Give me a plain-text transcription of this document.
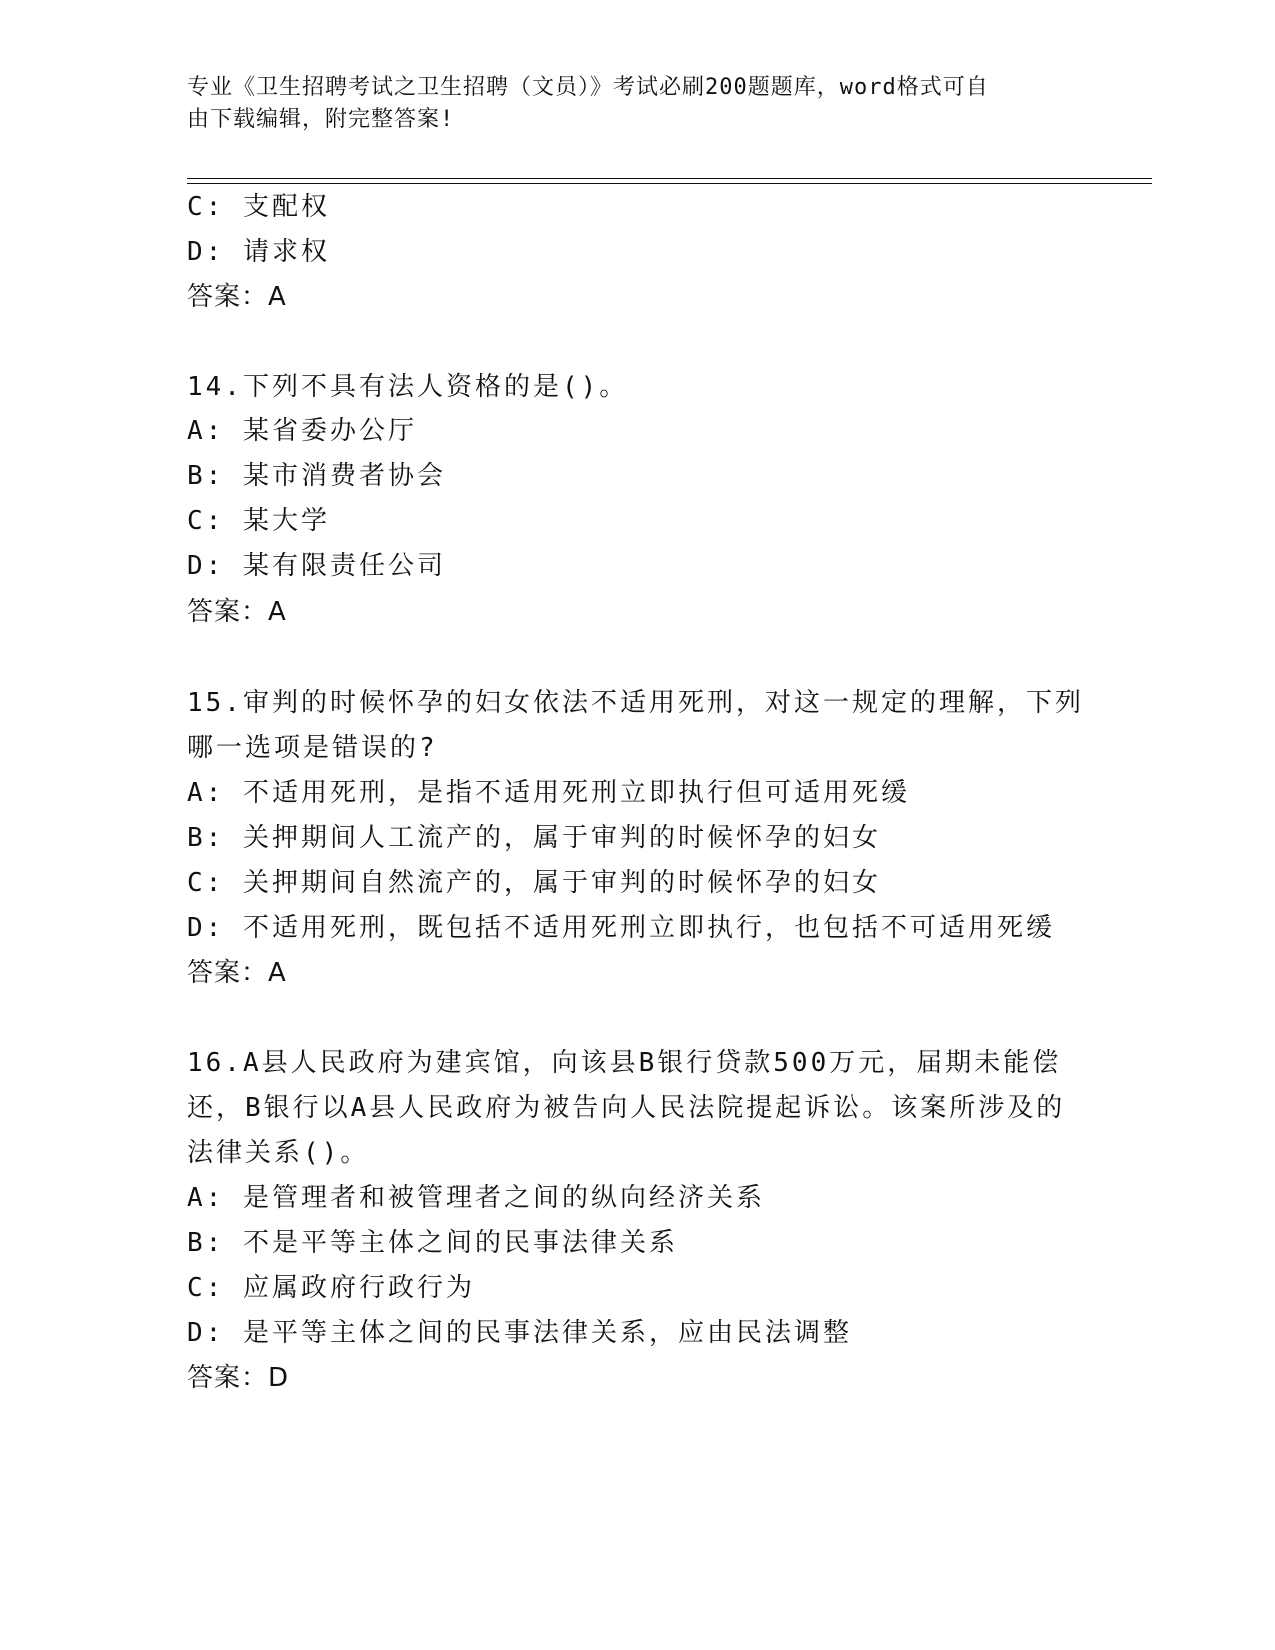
专业《卫生招聘考试之卫生招聘（文员）》考试必刷200题题库，word格式可自
由下载编辑，附完整答案!
C: 支配权
D: 请求权
答案：A
14.下列不具有法人资格的是()。
A: 某省委办公厅
B: 某市消费者协会
C: 某大学
D: 某有限责任公司
答案：A
15.审判的时候怀孕的妇女依法不适用死刑，对这一规定的理解，下列
哪一选项是错误的?
A: 不适用死刑，是指不适用死刑立即执行但可适用死缓
B: 关押期间人工流产的，属于审判的时候怀孕的妇女
C: 关押期间自然流产的，属于审判的时候怀孕的妇女
D: 不适用死刑，既包括不适用死刑立即执行，也包括不可适用死缓
答案：A
16.A县人民政府为建宾馆，向该县B银行贷款500万元，届期未能偿
还，B银行以A县人民政府为被告向人民法院提起诉讼。该案所涉及的
法律关系()。
A: 是管理者和被管理者之间的纵向经济关系
B: 不是平等主体之间的民事法律关系
C: 应属政府行政行为
D: 是平等主体之间的民事法律关系，应由民法调整
答案：D
